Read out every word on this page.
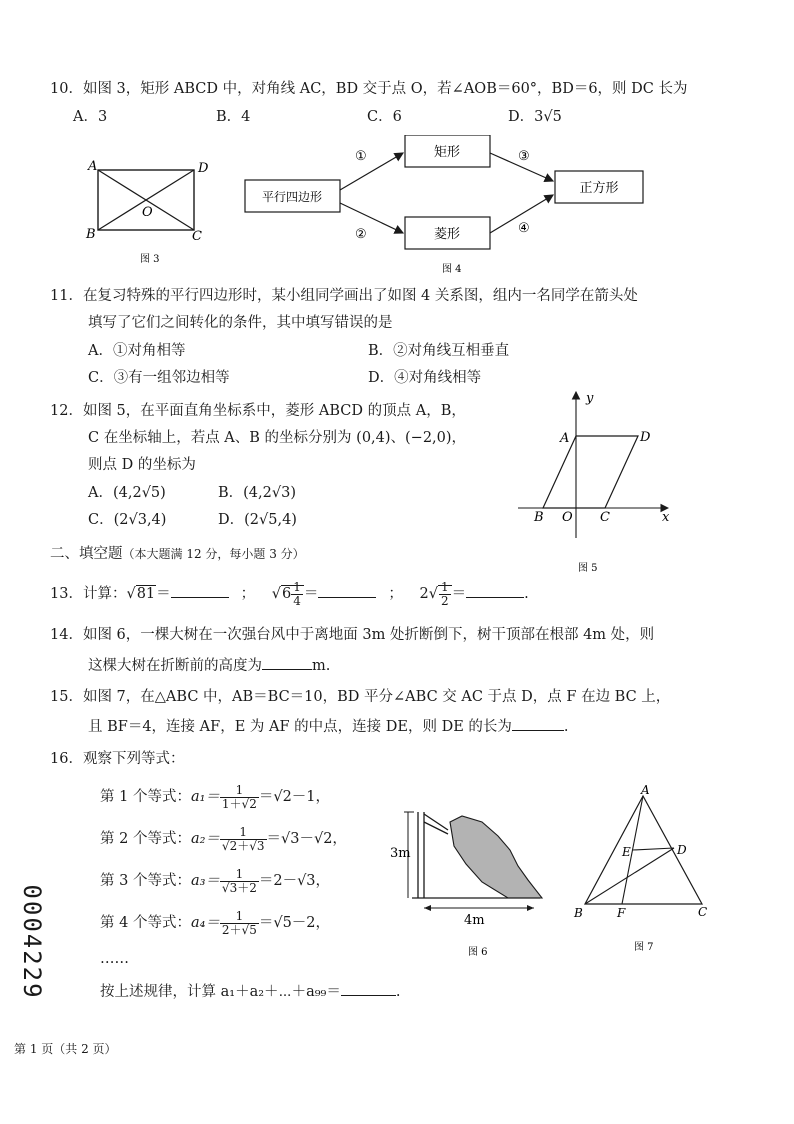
10．如图 3，矩形 ABCD 中，对角线 AC，BD 交于点 O，若∠AOB＝60°，BD＝6，则 DC 长为
A．3	B．4	C．6	D．3√5
A	D
O
B	C
图 3
平行四边形
矩形
菱形
正方形
①
②
③
④
图 4
11．在复习特殊的平行四边形时，某小组同学画出了如图 4 关系图，组内一名同学在箭头处
填写了它们之间转化的条件，其中填写错误的是
A．①对角相等	B．②对角线互相垂直
C．③有一组邻边相等	D．④对角线相等
12．如图 5，在平面直角坐标系中，菱形 ABCD 的顶点 A，B，
C 在坐标轴上，若点 A、B 的坐标分别为 (0,4)、(−2,0)，
则点 D 的坐标为
A．(4,2√5)	B．(4,2√3)
C．(2√3,4)	D．(2√5,4)
y
A	D
B O C	x
图 5
二、填空题（本大题满 12 分，每小题 3 分）
13．计算：√81＝	； $√6 \frac{1}{4}$ ＝	； $2√ \frac{1}{2}$ ＝	.
14．如图 6，一棵大树在一次强台风中于离地面 3m 处折断倒下，树干顶部在根部 4m 处，则
这棵大树在折断前的高度为	m.
15．如图 7，在△ABC 中，AB＝BC＝10，BD 平分∠ABC 交 AC 于点 D，点 F 在边 BC 上，
且 BF＝4，连接 AF，E 为 AF 的中点，连接 DE，则 DE 的长为	.
16．观察下列等式：
第 1 个等式：$a_1= \frac{1}{1+√2} =√2-1$，
第 2 个等式：$a_2= \frac{1}{√2+√3} =√3-√2$，
第 3 个等式：$a_3= \frac{1}{√3+2} =2-√3$，
第 4 个等式：$a_4= \frac{1}{2+√5} =√5-2$，
……
按上述规律，计算 a₁＋a₂＋⋯＋a₉₉＝	.
3m
4m
图 6
A
E	D
B	F	C
图 7
0004229
第 1 页（共 2 页）
